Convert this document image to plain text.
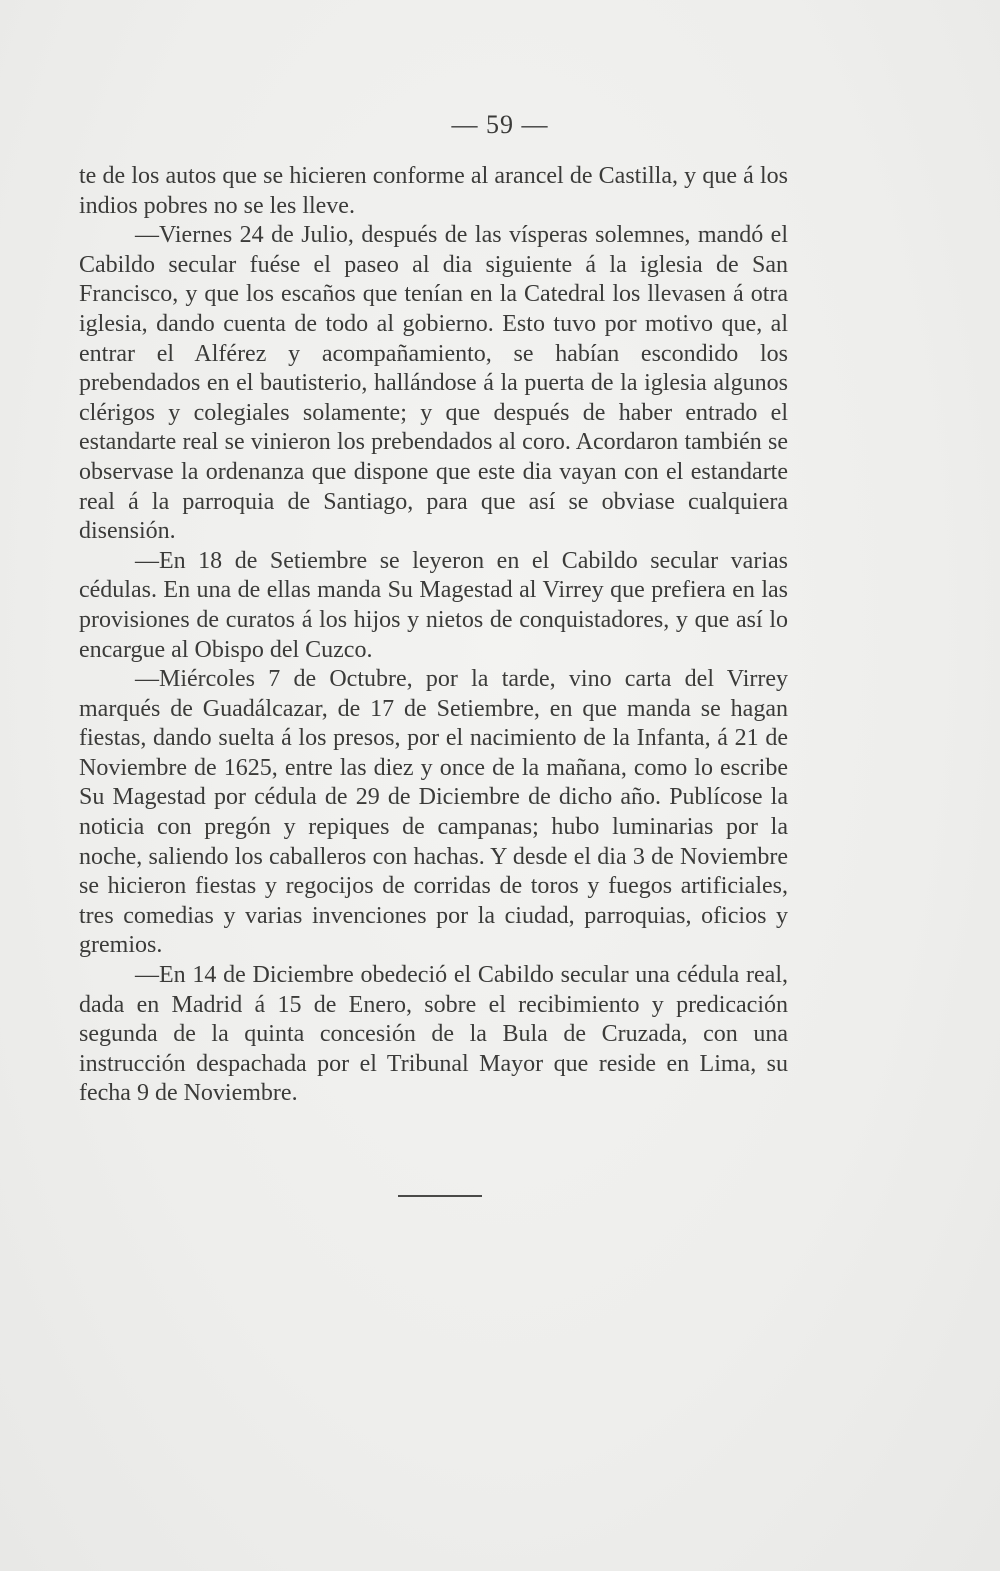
— 59 —

te de los autos que se hicieren conforme al arancel de Castilla, y que á los indios pobres no se les lleve.

—Viernes 24 de Julio, después de las vísperas solemnes, mandó el Cabildo secular fuése el paseo al dia siguiente á la iglesia de San Francisco, y que los escaños que tenían en la Catedral los llevasen á otra iglesia, dando cuenta de todo al gobierno. Esto tuvo por motivo que, al entrar el Alférez y acompañamiento, se habían escondido los prebendados en el bautisterio, hallándose á la puerta de la iglesia algunos clérigos y colegiales solamente; y que después de haber entrado el estandarte real se vinieron los prebendados al coro. Acordaron también se observase la ordenanza que dispone que este dia vayan con el estandarte real á la parroquia de Santiago, para que así se obviase cualquiera disensión.

—En 18 de Setiembre se leyeron en el Cabildo secular varias cédulas. En una de ellas manda Su Magestad al Virrey que prefiera en las provisiones de curatos á los hijos y nietos de conquistadores, y que así lo encargue al Obispo del Cuzco.

—Miércoles 7 de Octubre, por la tarde, vino carta del Virrey marqués de Guadálcazar, de 17 de Setiembre, en que manda se hagan fiestas, dando suelta á los presos, por el nacimiento de la Infanta, á 21 de Noviembre de 1625, entre las diez y once de la mañana, como lo escribe Su Magestad por cédula de 29 de Diciembre de dicho año. Publícose la noticia con pregón y repiques de campanas; hubo luminarias por la noche, saliendo los caballeros con hachas. Y desde el dia 3 de Noviembre se hicieron fiestas y regocijos de corridas de toros y fuegos artificiales, tres comedias y varias invenciones por la ciudad, parroquias, oficios y gremios.

—En 14 de Diciembre obedeció el Cabildo secular una cédula real, dada en Madrid á 15 de Enero, sobre el recibimiento y predicación segunda de la quinta concesión de la Bula de Cruzada, con una instrucción despachada por el Tribunal Mayor que reside en Lima, su fecha 9 de Noviembre.
